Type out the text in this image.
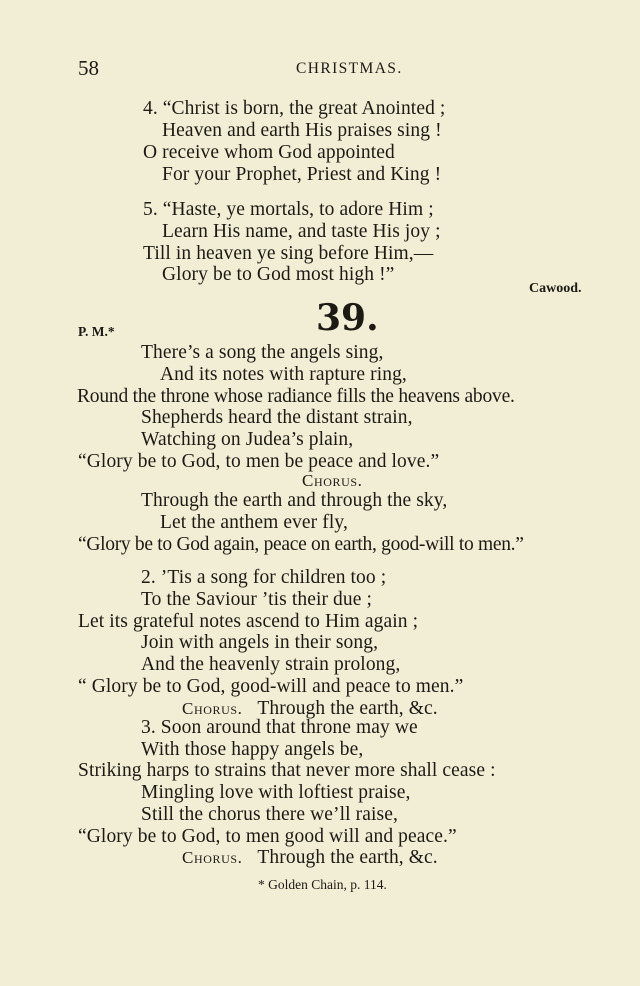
58	CHRISTMAS.
4. “Christ is born, the great Anointed ;
Heaven and earth His praises sing !
O receive whom God appointed
For your Prophet, Priest and King !
5. “Haste, ye mortals, to adore Him ;
Learn His name, and taste His joy ;
Till in heaven ye sing before Him,—
Glory be to God most high !”
Cawood.
P. M.*	39.
There’s a song the angels sing,
And its notes with rapture ring,
Round the throne whose radiance fills the heavens above.
Shepherds heard the distant strain,
Watching on Judea’s plain,
“Glory be to God, to men be peace and love.”
Chorus.
Through the earth and through the sky,
Let the anthem ever fly,
“Glory be to God again, peace on earth, good-will to men.”
2. ’Tis a song for children too ;
To the Saviour ’tis their due ;
Let its grateful notes ascend to Him again ;
Join with angels in their song,
And the heavenly strain prolong,
“ Glory be to God, good-will and peace to men.”
Chorus. Through the earth, &c.
3. Soon around that throne may we
With those happy angels be,
Striking harps to strains that never more shall cease :
Mingling love with loftiest praise,
Still the chorus there we’ll raise,
“Glory be to God, to men good will and peace.”
Chorus. Through the earth, &c.
* Golden Chain, p. 114.
